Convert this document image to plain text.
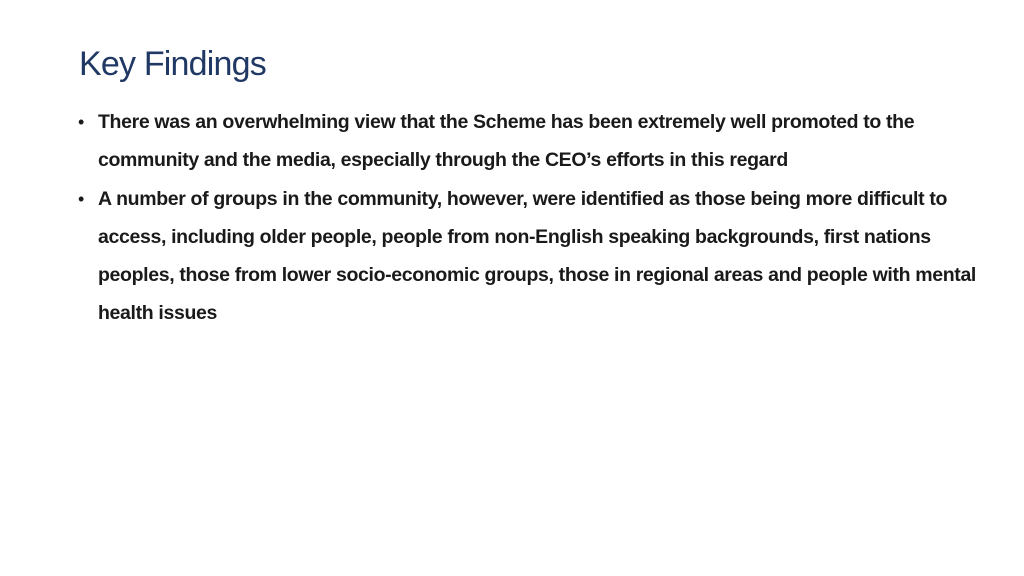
Key Findings
• There was an overwhelming view that the Scheme has been extremely well promoted to the community and the media, especially through the CEO’s efforts in this regard
• A number of groups in the community, however, were identified as those being more difficult to access, including older people, people from non-English speaking backgrounds, first nations peoples, those from lower socio-economic groups, those in regional areas and people with mental health issues
